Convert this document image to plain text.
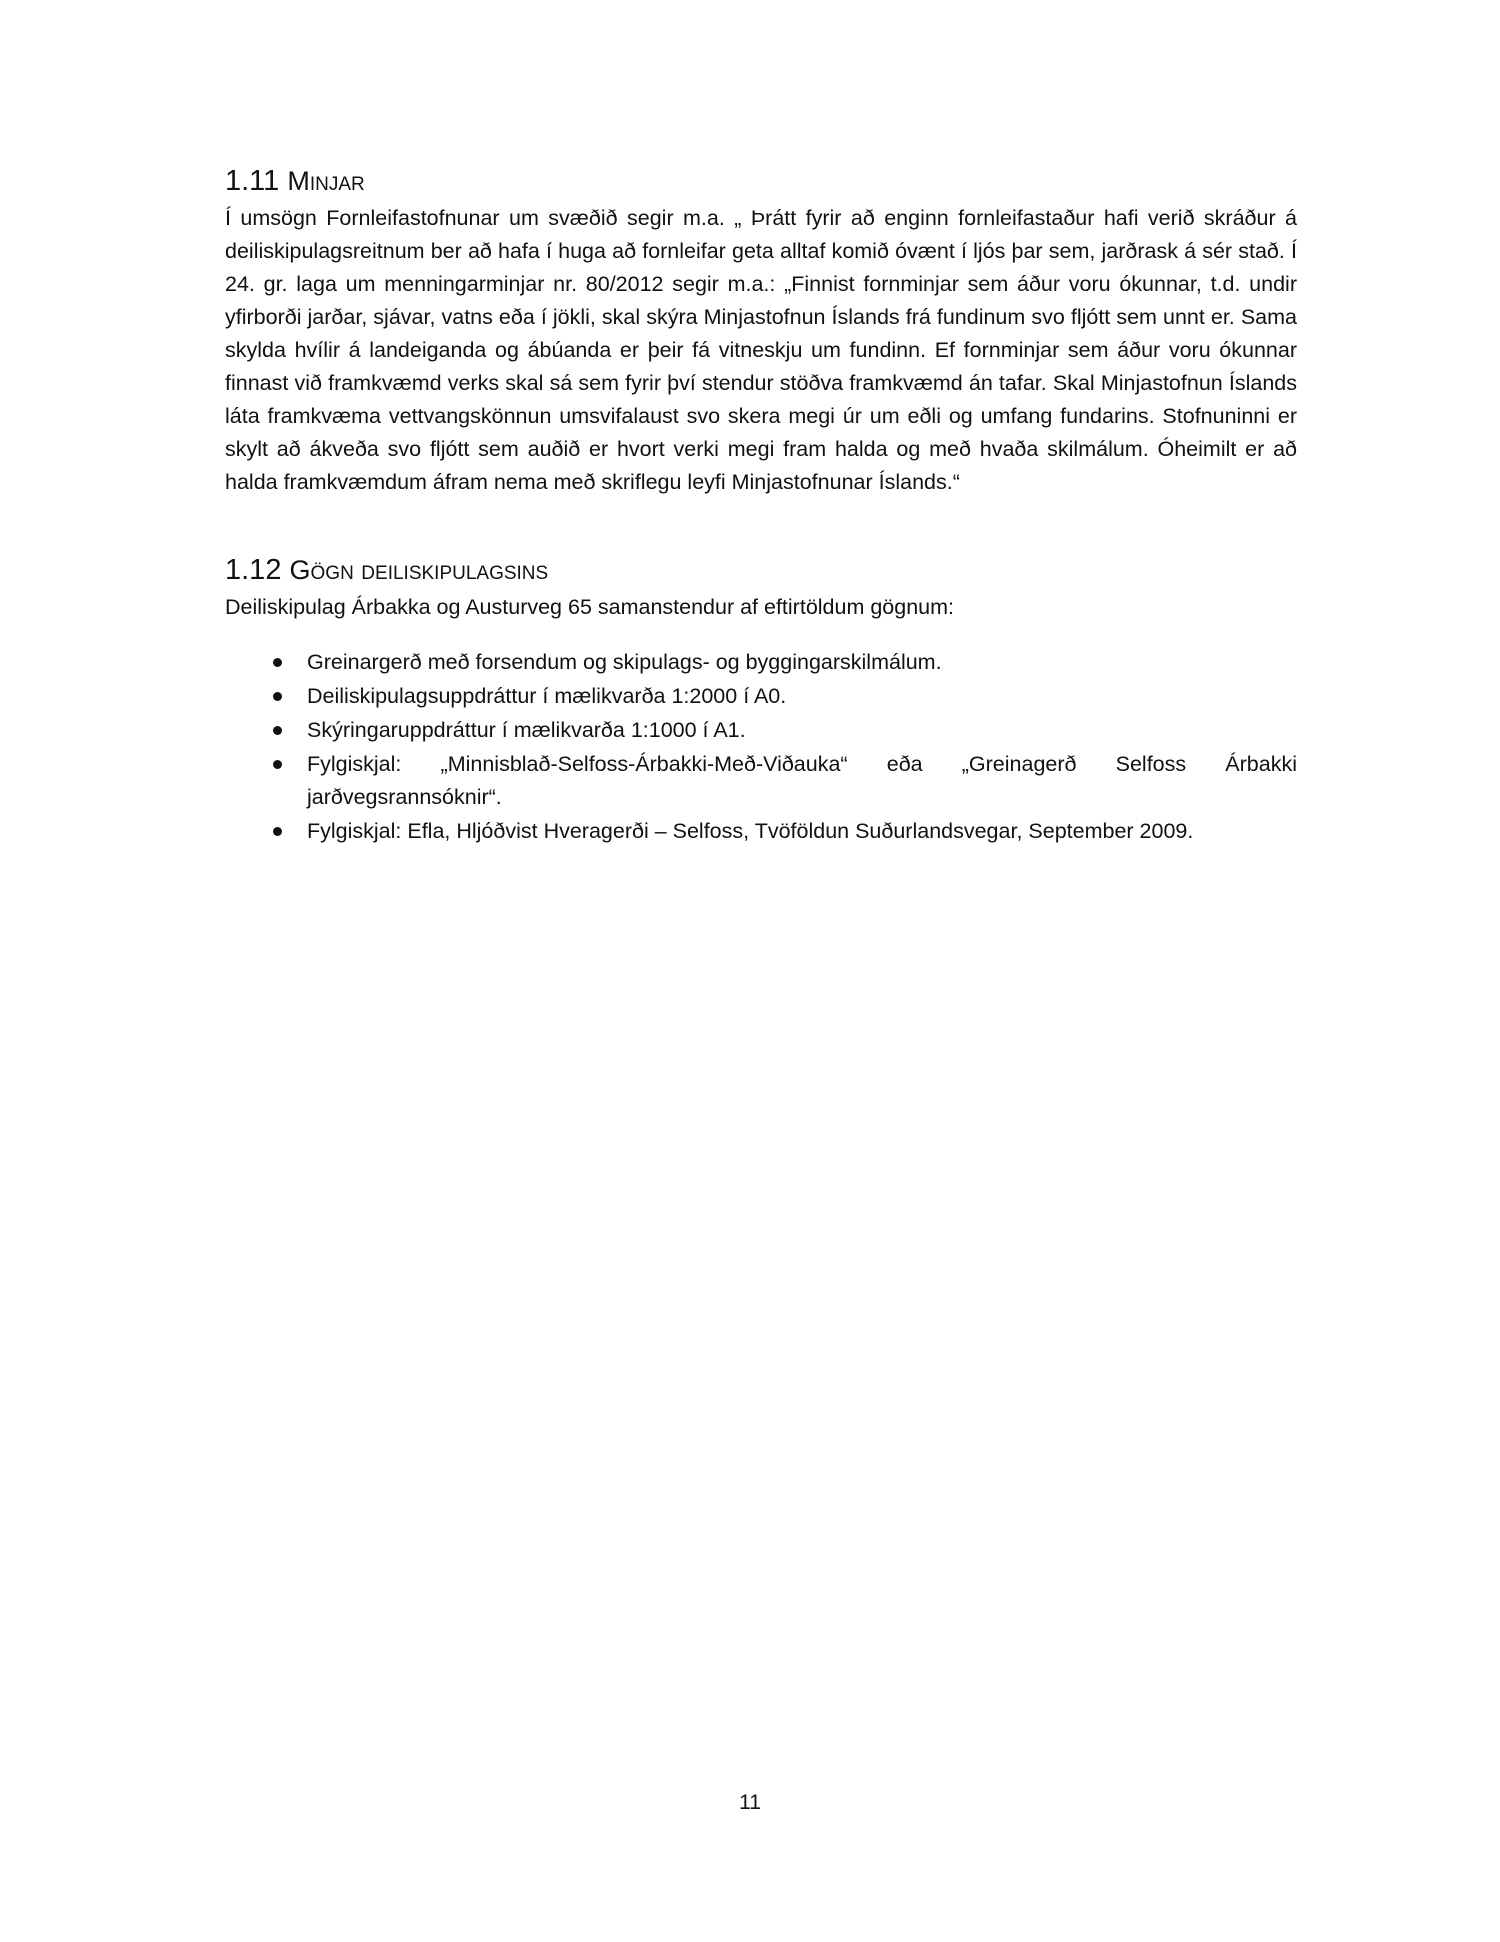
1.11 Minjar

Í umsögn Fornleifastofnunar um svæðið segir m.a. „ Þrátt fyrir að enginn fornleifastaður hafi verið skráður á deiliskipulagsreitnum ber að hafa í huga að fornleifar geta alltaf komið óvænt í ljós þar sem, jarðrask á sér stað. Í 24. gr. laga um menningarminjar nr. 80/2012 segir m.a.: „Finnist fornminjar sem áður voru ókunnar, t.d. undir yfirborði jarðar, sjávar, vatns eða í jökli, skal skýra Minjastofnun Íslands frá fundinum svo fljótt sem unnt er. Sama skylda hvílir á landeiganda og ábúanda er þeir fá vitneskju um fundinn. Ef fornminjar sem áður voru ókunnar finnast við framkvæmd verks skal sá sem fyrir því stendur stöðva framkvæmd án tafar. Skal Minjastofnun Íslands láta framkvæma vettvangskönnun umsvifalaust svo skera megi úr um eðli og umfang fundarins. Stofnuninni er skylt að ákveða svo fljótt sem auðið er hvort verki megi fram halda og með hvaða skilmálum. Óheimilt er að halda framkvæmdum áfram nema með skriflegu leyfi Minjastofnunar Íslands.“

1.12 Gögn deiliskipulagsins

Deiliskipulag Árbakka og Austurveg 65 samanstendur af eftirtöldum gögnum:

Greinargerð með forsendum og skipulags- og byggingarskilmálum.
Deiliskipulagsuppdráttur í mælikvarða 1:2000 í A0.
Skýringaruppdráttur í mælikvarða 1:1000 í A1.
Fylgiskjal: „Minnisblað-Selfoss-Árbakki-Með-Viðauka“ eða „Greinagerð Selfoss Árbakki jarðvegsrannsóknir“.
Fylgiskjal: Efla, Hljóðvist Hveragerði – Selfoss, Tvöföldun Suðurlandsvegar, September 2009.
11
